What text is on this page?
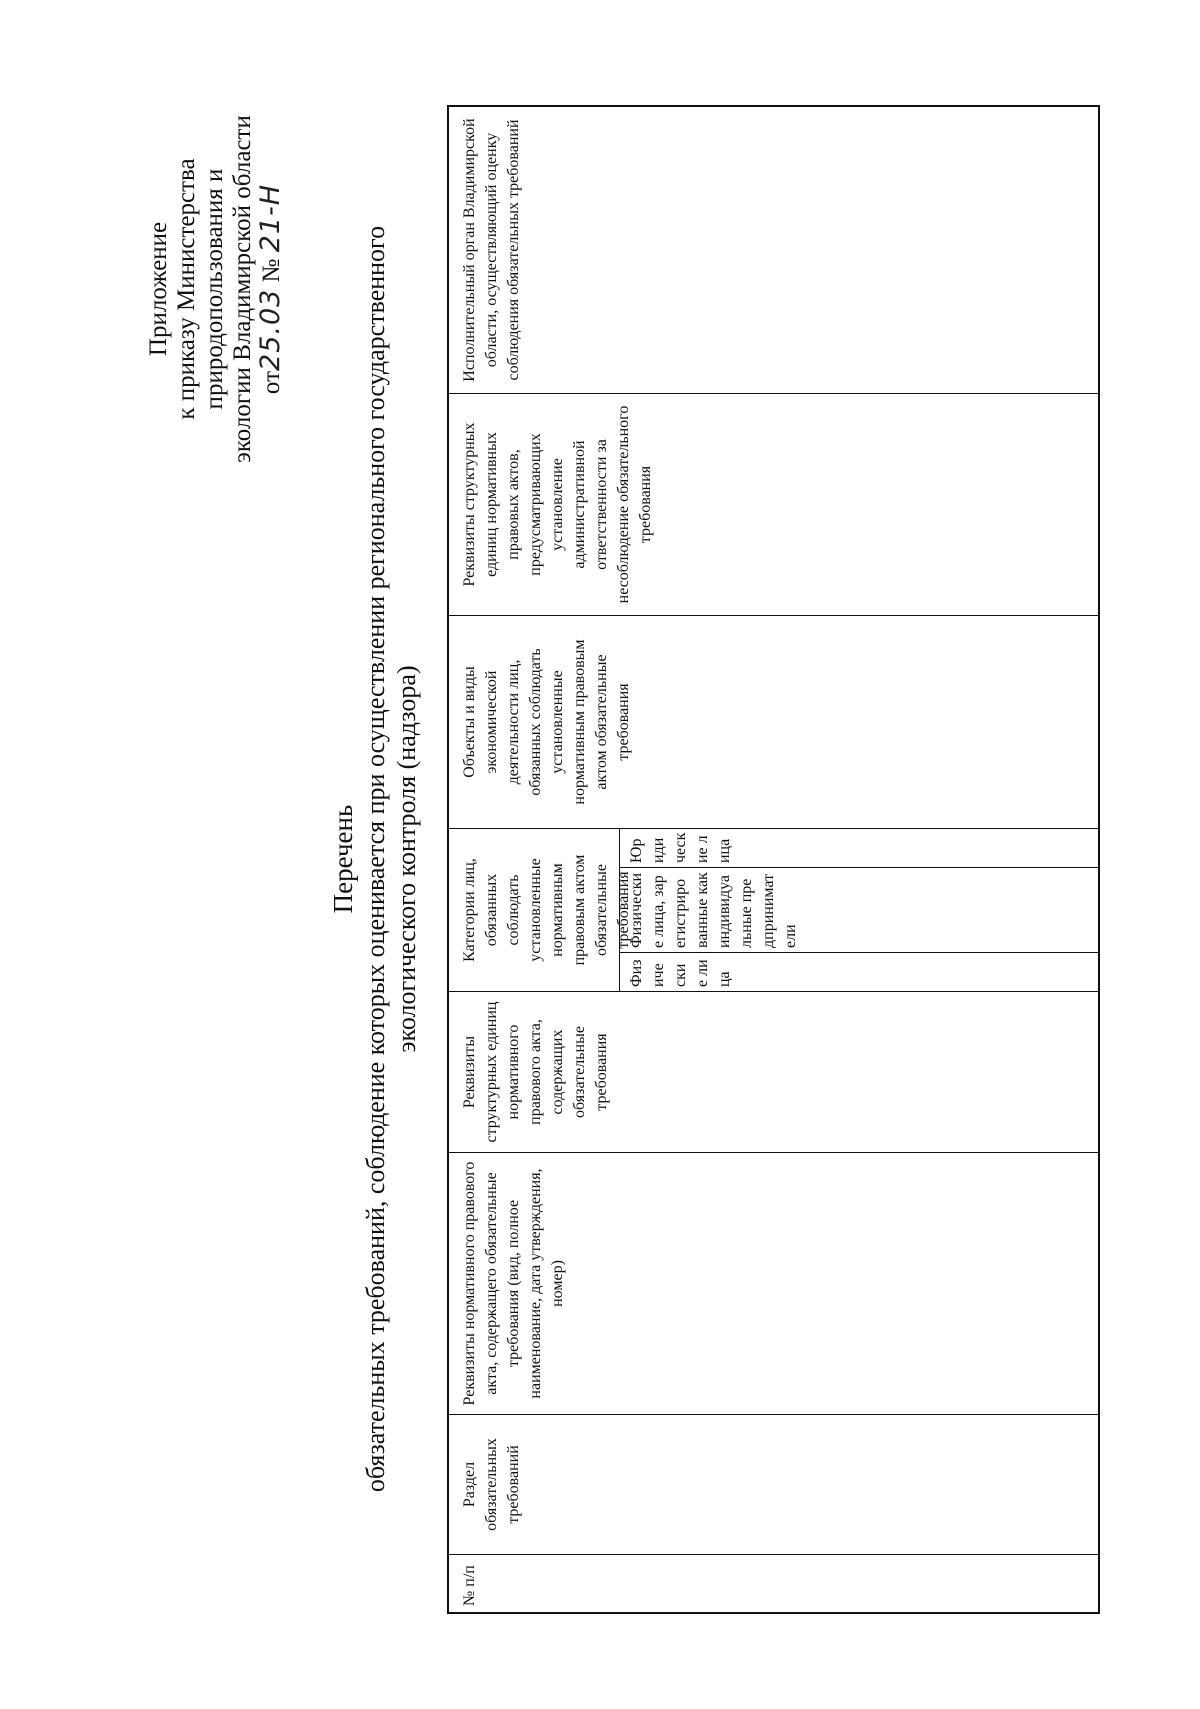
Приложение к приказу Министерства природопользования и экологии Владимирской области от25.03 № 21-Н
Перечень обязательных требований, соблюдение которых оценивается при осуществлении регионального государственного экологического контроля (надзора)
№ п/п
Раздел обязательных требований
Реквизиты нормативного правового акта, содержащего обязательные требования (вид, полное наименование, дата утверждения, номер)
Реквизиты структурных единиц нормативного правового акта, содержащих обязательные требования
Категории лиц, обязанных соблюдать установленные нормативным правовым актом обязательные требования
Физические лица
Физические лица, зарегистрированные как индивидуальные предприниматели
Юридические лица
Объекты и виды экономической деятельности лиц, обязанных соблюдать установленные нормативным правовым актом обязательные требования
Реквизиты структурных единиц нормативных правовых актов, предусматривающих установление административной ответственности за несоблюдение обязательного требования
Исполнительный орган Владимирской области, осуществляющий оценку соблюдения обязательных требований
